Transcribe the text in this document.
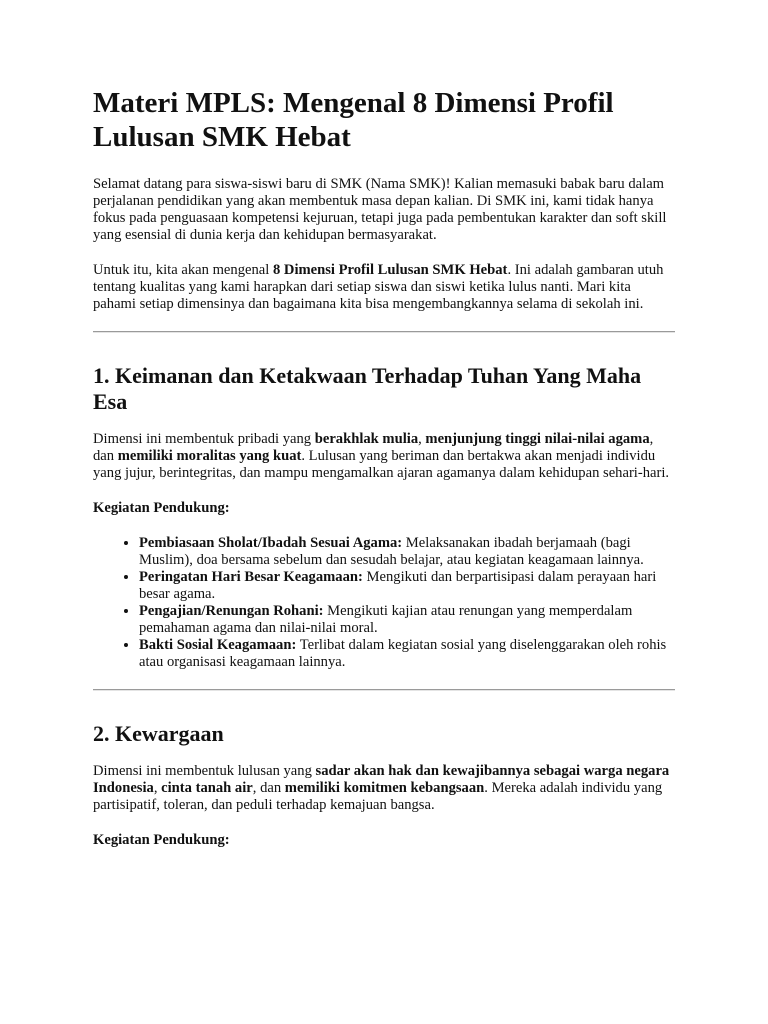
Materi MPLS: Mengenal 8 Dimensi Profil Lulusan SMK Hebat

Selamat datang para siswa-siswi baru di SMK (Nama SMK)! Kalian memasuki babak baru dalam perjalanan pendidikan yang akan membentuk masa depan kalian. Di SMK ini, kami tidak hanya fokus pada penguasaan kompetensi kejuruan, tetapi juga pada pembentukan karakter dan soft skill yang esensial di dunia kerja dan kehidupan bermasyarakat.

Untuk itu, kita akan mengenal 8 Dimensi Profil Lulusan SMK Hebat. Ini adalah gambaran utuh tentang kualitas yang kami harapkan dari setiap siswa dan siswi ketika lulus nanti. Mari kita pahami setiap dimensinya dan bagaimana kita bisa mengembangkannya selama di sekolah ini.

1. Keimanan dan Ketakwaan Terhadap Tuhan Yang Maha Esa

Dimensi ini membentuk pribadi yang berakhlak mulia, menjunjung tinggi nilai-nilai agama, dan memiliki moralitas yang kuat. Lulusan yang beriman dan bertakwa akan menjadi individu yang jujur, berintegritas, dan mampu mengamalkan ajaran agamanya dalam kehidupan sehari-hari.

Kegiatan Pendukung:

• Pembiasaan Sholat/Ibadah Sesuai Agama: Melaksanakan ibadah berjamaah (bagi Muslim), doa bersama sebelum dan sesudah belajar, atau kegiatan keagamaan lainnya.
• Peringatan Hari Besar Keagamaan: Mengikuti dan berpartisipasi dalam perayaan hari besar agama.
• Pengajian/Renungan Rohani: Mengikuti kajian atau renungan yang memperdalam pemahaman agama dan nilai-nilai moral.
• Bakti Sosial Keagamaan: Terlibat dalam kegiatan sosial yang diselenggarakan oleh rohis atau organisasi keagamaan lainnya.
2. Kewargaan

Dimensi ini membentuk lulusan yang sadar akan hak dan kewajibannya sebagai warga negara Indonesia, cinta tanah air, dan memiliki komitmen kebangsaan. Mereka adalah individu yang partisipatif, toleran, dan peduli terhadap kemajuan bangsa.

Kegiatan Pendukung:
